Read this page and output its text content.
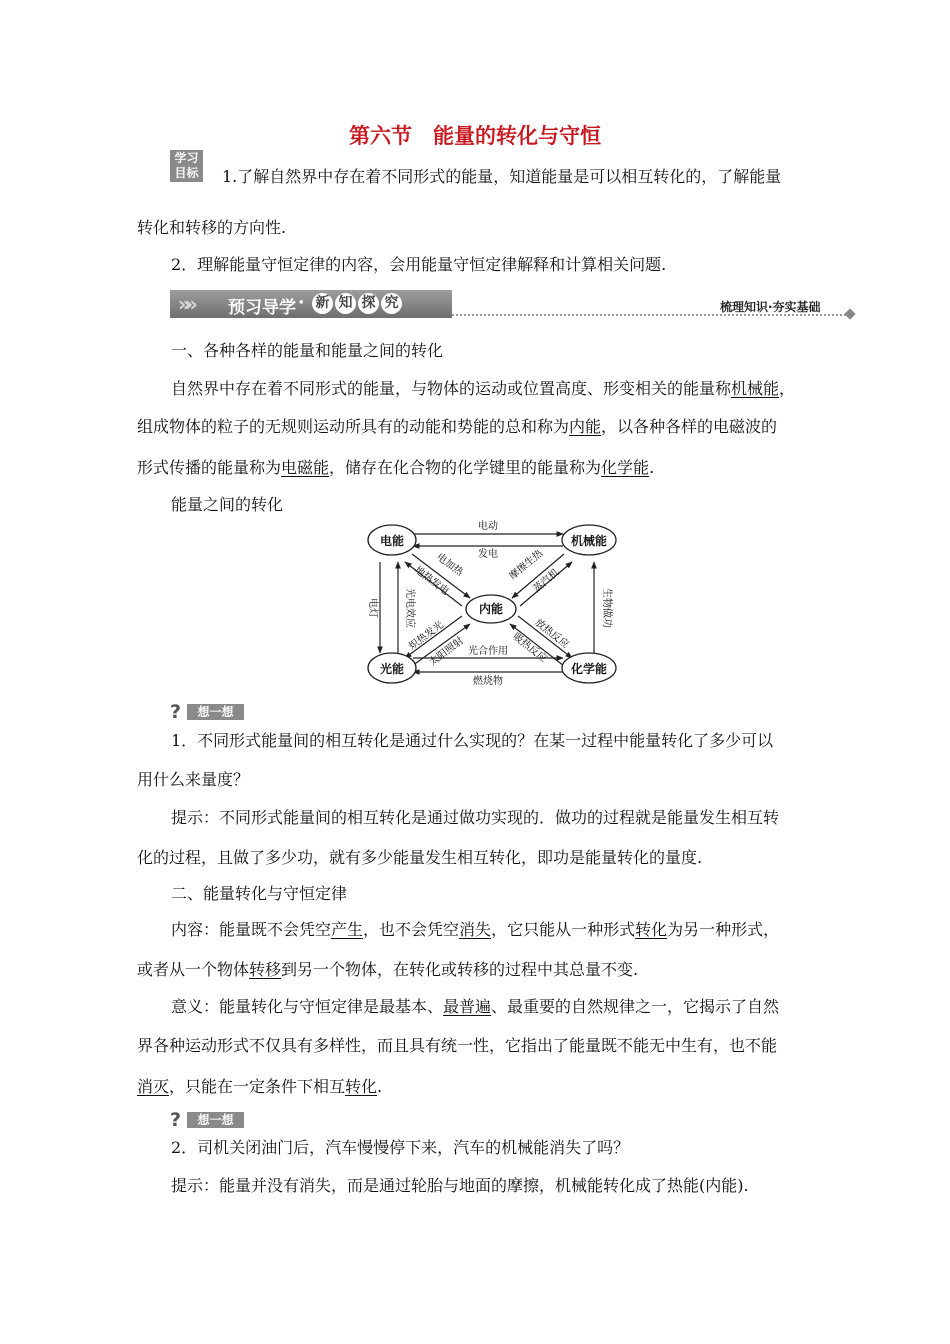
第六节　能量的转化与守恒
学习
目标 1.了解自然界中存在着不同形式的能量，知道能量是可以相互转化的，了解能量
转化和转移的方向性.
2．理解能量守恒定律的内容，会用能量守恒定律解释和计算相关问题.
»» 预习导学 · 新 知 探 究	梳理知识·夯实基础
一、各种各样的能量和能量之间的转化
自然界中存在着不同形式的能量，与物体的运动或位置高度、形变相关的能量称机械能，
组成物体的粒子的无规则运动所具有的动能和势能的总和称为内能，以各种各样的电磁波的
形式传播的能量称为电磁能，储存在化合物的化学键里的能量称为化学能.
能量之间的转化
电能	机械能
内能
光能	化学能
电动
发电
光合作用
燃烧物
电灯	光电效应	生物做功
电加热
地热发电	摩擦生热
蒸汽机
炽热发光
太阳照射
放热反应
吸热反应
?	想一想
1．不同形式能量间的相互转化是通过什么实现的？在某一过程中能量转化了多少可以
用什么来量度？
提示：不同形式能量间的相互转化是通过做功实现的．做功的过程就是能量发生相互转
化的过程，且做了多少功，就有多少能量发生相互转化，即功是能量转化的量度.
二、能量转化与守恒定律
内容：能量既不会凭空产生，也不会凭空消失，它只能从一种形式转化为另一种形式，
或者从一个物体转移到另一个物体，在转化或转移的过程中其总量不变.
意义：能量转化与守恒定律是最基本、最普遍、最重要的自然规律之一，它揭示了自然
界各种运动形式不仅具有多样性，而且具有统一性，它指出了能量既不能无中生有，也不能
消灭，只能在一定条件下相互转化.
?	想一想
2．司机关闭油门后，汽车慢慢停下来，汽车的机械能消失了吗？
提示：能量并没有消失，而是通过轮胎与地面的摩擦，机械能转化成了热能(内能).
